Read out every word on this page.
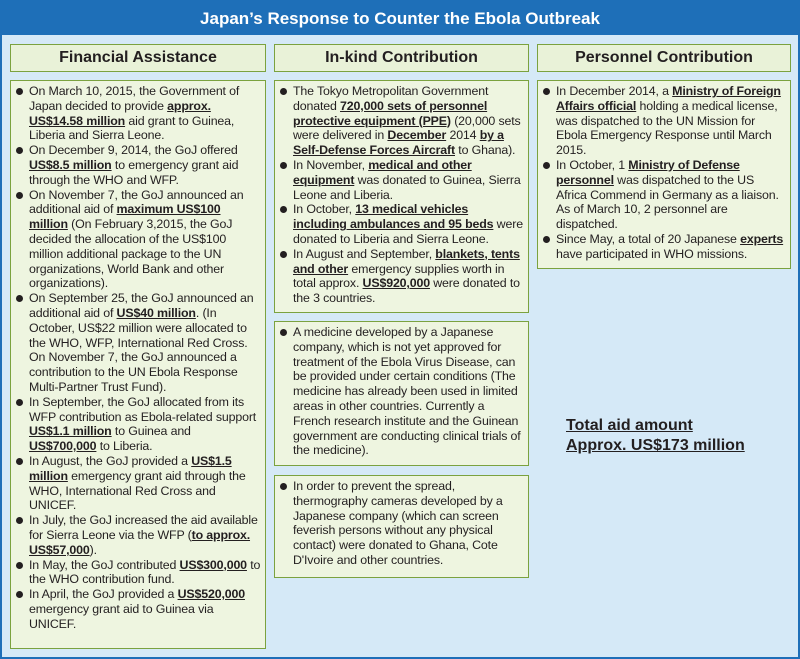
Japan’s Response to Counter the Ebola Outbreak
Financial Assistance	In-kind Contribution	Personnel Contribution
On March 10, 2015, the Government of Japan decided to provide approx. US$14.58 million aid grant to Guinea, Liberia and Sierra Leone.
On December 9, 2014, the GoJ offered US$8.5 million to emergency grant aid through the WHO and WFP.
On November 7, the GoJ announced an additional aid of maximum US$100 million (On February 3,2015, the GoJ decided the allocation of the US$100 million additional package to the UN organizations, World Bank and other organizations).
On September 25, the GoJ announced an additional aid of US$40 million. (In October, US$22 million were allocated to the WHO, WFP, International Red Cross. On November 7, the GoJ announced a contribution to the UN Ebola Response Multi-Partner Trust Fund).
In September, the GoJ allocated from its WFP contribution as Ebola-related support US$1.1 million to Guinea and US$700,000 to Liberia.
In August, the GoJ provided a US$1.5 million emergency grant aid through the WHO, International Red Cross and UNICEF.
In July, the GoJ increased the aid available for Sierra Leone via the WFP (to approx. US$57,000).
In May, the GoJ contributed US$300,000 to the WHO contribution fund.
In April, the GoJ provided a US$520,000 emergency grant aid to Guinea via UNICEF.
The Tokyo Metropolitan Government donated 720,000 sets of personnel protective equipment (PPE) (20,000 sets were delivered in December 2014 by a Self-Defense Forces Aircraft to Ghana).
In November, medical and other equipment was donated to Guinea, Sierra Leone and Liberia.
In October, 13 medical vehicles including ambulances and 95 beds were donated to Liberia and Sierra Leone.
In August and September, blankets, tents and other emergency supplies worth in total approx. US$920,000 were donated to the 3 countries.
A medicine developed by a Japanese company, which is not yet approved for treatment of the Ebola Virus Disease, can be provided under certain conditions (The medicine has already been used in limited areas in other countries. Currently a French research institute and the Guinean government are conducting clinical trials of the medicine).
In order to prevent the spread, thermography cameras developed by a Japanese company (which can screen feverish persons without any physical contact) were donated to Ghana, Cote D'Ivoire and other countries.
In December 2014, a Ministry of Foreign Affairs official holding a medical license, was dispatched to the UN Mission for Ebola Emergency Response until March 2015.
In October, 1 Ministry of Defense personnel was dispatched to the US Africa Commend in Germany as a liaison. As of March 10, 2 personnel are dispatched.
Since May, a total of 20 Japanese experts have participated in WHO missions.
Total aid amount
Approx. US$173 million
